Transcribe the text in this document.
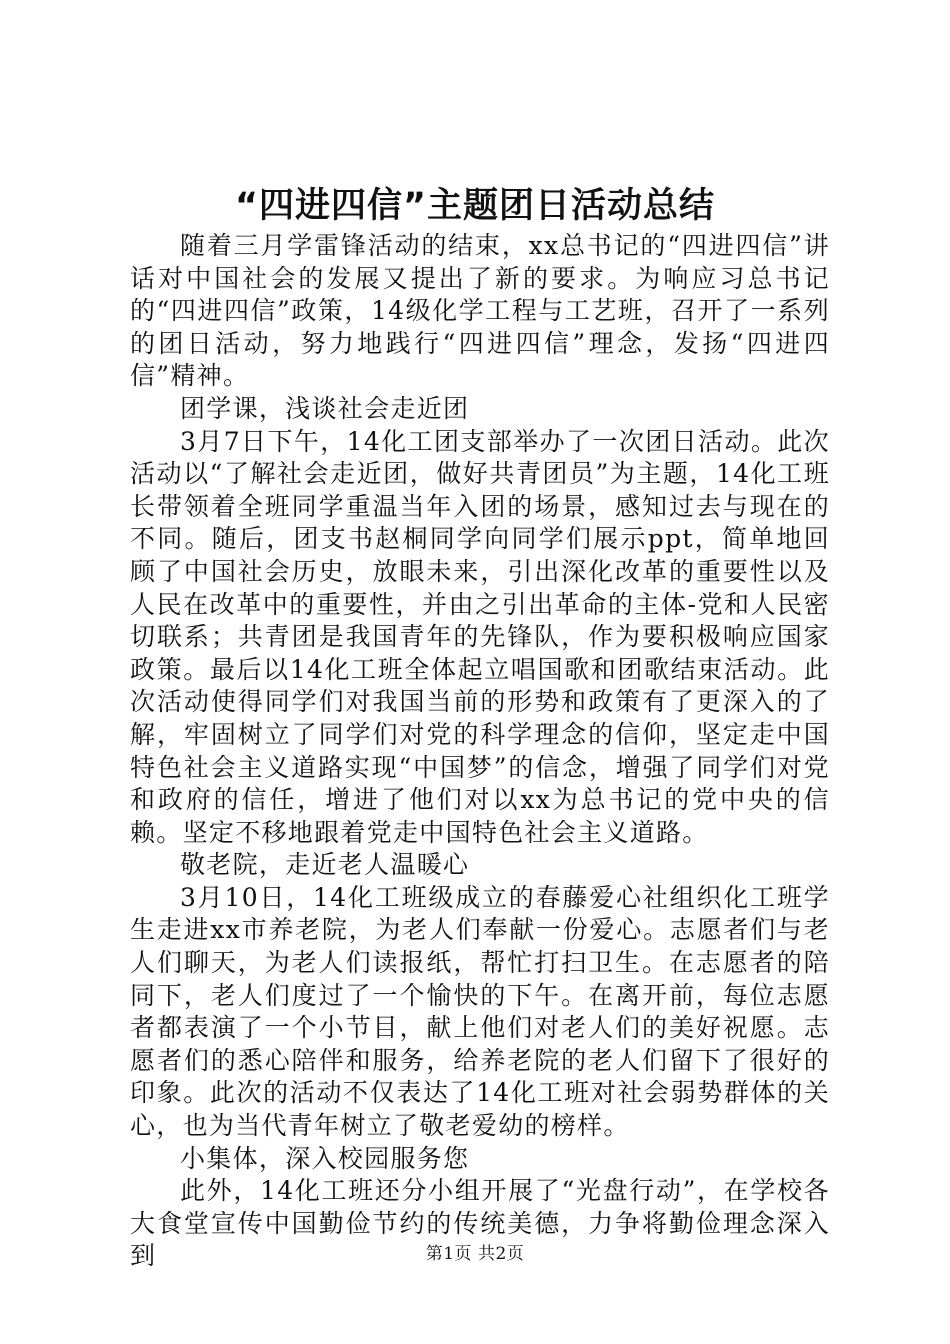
“四进四信”主题团日活动总结

随着三月学雷锋活动的结束，xx总书记的“四进四信”讲话对中国社会的发展又提出了新的要求。为响应习总书记的“四进四信”政策，14级化学工程与工艺班，召开了一系列的团日活动，努力地践行“四进四信”理念，发扬“四进四信”精神。

团学课，浅谈社会走近团

3月7日下午，14化工团支部举办了一次团日活动。此次活动以“了解社会走近团，做好共青团员”为主题，14化工班长带领着全班同学重温当年入团的场景，感知过去与现在的不同。随后，团支书赵桐同学向同学们展示ppt，简单地回顾了中国社会历史，放眼未来，引出深化改革的重要性以及人民在改革中的重要性，并由之引出革命的主体-党和人民密切联系；共青团是我国青年的先锋队，作为要积极响应国家政策。最后以14化工班全体起立唱国歌和团歌结束活动。此次活动使得同学们对我国当前的形势和政策有了更深入的了解，牢固树立了同学们对党的科学理念的信仰，坚定走中国特色社会主义道路实现“中国梦”的信念，增强了同学们对党和政府的信任，增进了他们对以xx为总书记的党中央的信赖。坚定不移地跟着党走中国特色社会主义道路。

敬老院，走近老人温暖心

3月10日，14化工班级成立的春藤爱心社组织化工班学生走进xx市养老院，为老人们奉献一份爱心。志愿者们与老人们聊天，为老人们读报纸，帮忙打扫卫生。在志愿者的陪同下，老人们度过了一个愉快的下午。在离开前，每位志愿者都表演了一个小节目，献上他们对老人们的美好祝愿。志愿者们的悉心陪伴和服务，给养老院的老人们留下了很好的印象。此次的活动不仅表达了14化工班对社会弱势群体的关心，也为当代青年树立了敬老爱幼的榜样。

小集体，深入校园服务您

此外，14化工班还分小组开展了“光盘行动”，在学校各大食堂宣传中国勤俭节约的传统美德，力争将勤俭理念深入到	第1页 共2页
